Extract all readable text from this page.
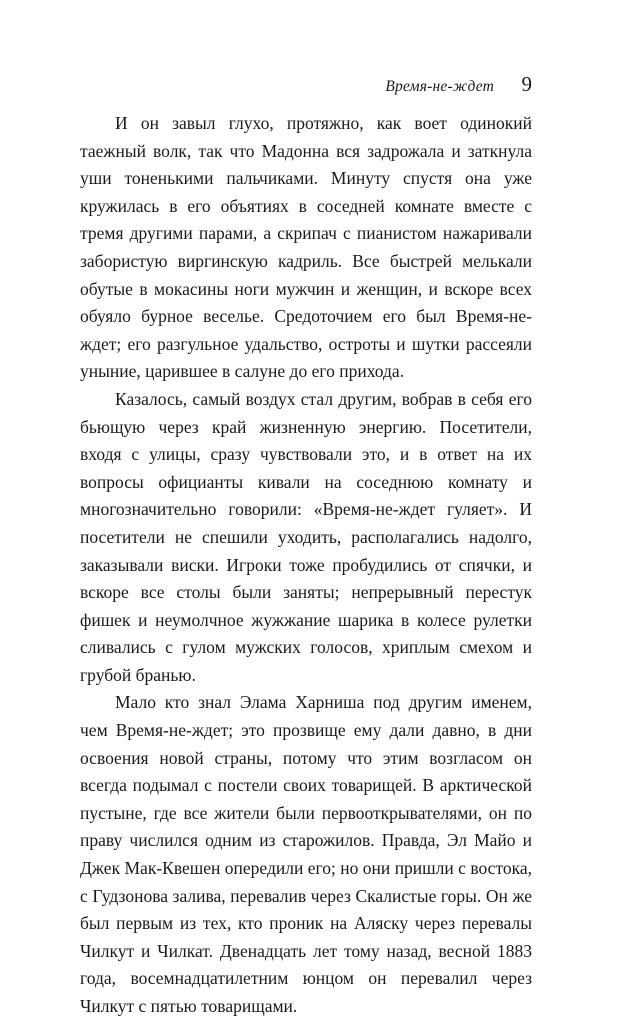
Время-не-ждет 9

И он завыл глухо, протяжно, как воет одинокий таежный волк, так что Мадонна вся задрожала и заткнула уши тоненькими пальчиками. Минуту спустя она уже кружилась в его объятиях в соседней комнате вместе с тремя другими парами, а скрипач с пианистом нажаривали забористую виргинскую кадриль. Все быстрей мелькали обутые в мокасины ноги мужчин и женщин, и вскоре всех обуяло бурное веселье. Средоточием его был Время-не-ждет; его разгульное удальство, остроты и шутки рассеяли уныние, царившее в салуне до его прихода.

Казалось, самый воздух стал другим, вобрав в себя его бьющую через край жизненную энергию. Посетители, входя с улицы, сразу чувствовали это, и в ответ на их вопросы официанты кивали на соседнюю комнату и многозначительно говорили: «Время-не-ждет гуляет». И посетители не спешили уходить, располагались надолго, заказывали виски. Игроки тоже пробудились от спячки, и вскоре все столы были заняты; непрерывный перестук фишек и неумолчное жужжание шарика в колесе рулетки сливались с гулом мужских голосов, хриплым смехом и грубой бранью.

Мало кто знал Элама Харниша под другим именем, чем Время-не-ждет; это прозвище ему дали давно, в дни освоения новой страны, потому что этим возгласом он всегда подымал с постели своих товарищей. В арктической пустыне, где все жители были первооткрывателями, он по праву числился одним из старожилов. Правда, Эл Майо и Джек Мак-Квешен опередили его; но они пришли с востока, с Гудзонова залива, перевалив через Скалистые горы. Он же был первым из тех, кто проник на Аляску через перевалы Чилкут и Чилкат. Двенадцать лет тому назад, весной 1883 года, восемнадцатилетним юнцом он перевалил через Чилкут с пятью товарищами.
